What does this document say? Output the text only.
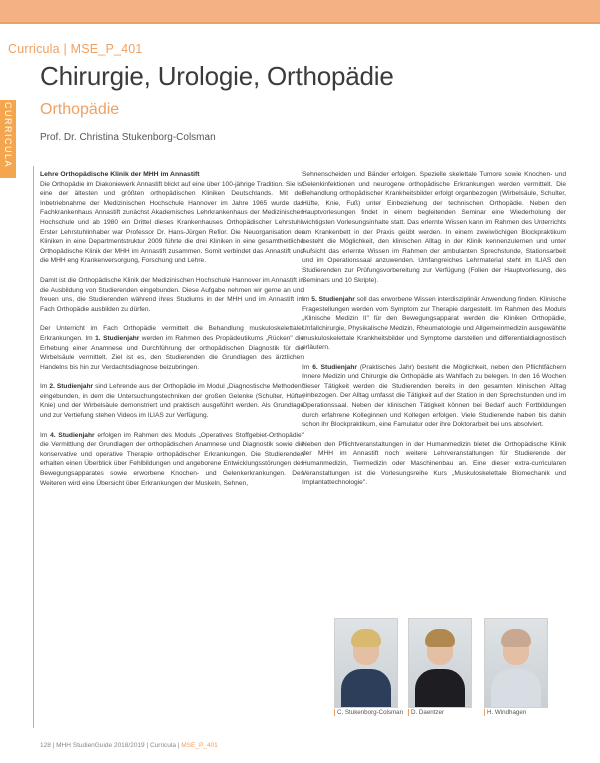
Curricula | MSE_P_401
CURRICULA
Chirurgie, Urologie, Orthopädie
Orthopädie
Prof. Dr. Christina Stukenborg-Colsman
Lehre Orthopädische Klinik der MHH im Annastift

Die Orthopädie im Diakoniewerk Annastift blickt auf eine über 100-jährige Tradition. Sie ist eine der ältesten und größten orthopädischen Kliniken Deutschlands. Mit der Inbetriebnahme der Medizinischen Hochschule Hannover im Jahre 1965 wurde das Fachkrankenhaus Annastift zunächst Akademisches Lehrkrankenhaus der Medizinischen Hochschule und ab 1980 ein Drittel dieses Krankenhauses Orthopädischer Lehrstuhl. Erster Lehrstuhlinhaber war Professor Dr. Hans-Jürgen Refior. Die Neuorganisation der Kliniken in eine Departmentstruktur 2009 führte die drei Kliniken in eine gesamtheitliche Orthopädische Klinik der MHH im Annastift zusammen. Somit verbindet das Annastift und die MHH eng Krankenversorgung, Forschung und Lehre.

Damit ist die Orthopädische Klinik der Medizinischen Hochschule Hannover im Annastift in die Ausbildung von Studierenden eingebunden. Diese Aufgabe nehmen wir gerne an und freuen uns, die Studierenden während ihres Studiums in der MHH und im Annastift im Fach Orthopädie ausbilden zu dürfen.

Der Unterricht im Fach Orthopädie vermittelt die Behandlung muskuloskelettaler Erkrankungen. Im 1. Studienjahr werden im Rahmen des Propädeutikums „Rücken" die Erhebung einer Anamnese und Durchführung der orthopädischen Diagnostik für die Wirbelsäule vermittelt. Ziel ist es, den Studierenden die Grundlagen des ärztlichen Handelns bis hin zur Verdachtsdiagnose beizubringen.

Im 2. Studienjahr sind Lehrende aus der Orthopädie im Modul „Diagnostische Methoden" eingebunden, in dem die Untersuchungstechniken der großen Gelenke (Schulter, Hüfte, Knie) und der Wirbelsäule demonstriert und praktisch ausgeführt werden. Als Grundlage und zur Vertiefung stehen Videos im ILIAS zur Verfügung.

Im 4. Studienjahr erfolgen im Rahmen des Moduls „Operatives Stoffgebiet-Orthopädie" die Vermittlung der Grundlagen der orthopädischen Anamnese und Diagnostik sowie die konservative und operative Therapie orthopädischer Erkrankungen. Die Studierenden erhalten einen Überblick über Fehlbildungen und angeborene Entwicklungsstörungen des Bewegungsapparates sowie erworbene Knochen- und Gelenkerkrankungen. Des Weiteren wird eine Übersicht über Erkrankungen der Muskeln, Sehnen,

Sehnenscheiden und Bänder erfolgen. Spezielle skelettale Tumore sowie Knochen- und Gelenkinfektionen und neurogene orthopädische Erkrankungen werden vermittelt. Die Behandlung orthopädischer Krankheitsbilder erfolgt organbezogen (Wirbelsäule, Schulter, Hüfte, Knie, Fuß) unter Einbeziehung der technischen Orthopädie. Neben den Hauptvorlesungen findet in einem begleitenden Seminar eine Wiederholung der wichtigsten Vorlesungsinhalte statt. Das erlernte Wissen kann im Rahmen des Unterrichts am Krankenbett in der Praxis geübt werden. In einem zweiwöchigen Blockpraktikum besteht die Möglichkeit, den klinischen Alltag in der Klinik kennenzulernen und unter Aufsicht das erlernte Wissen im Rahmen der ambulanten Sprechstunde, Stationsarbeit und im Operationssaal anzuwenden. Umfangreiches Lehrmaterial steht im ILIAS den Studierenden zur Prüfungsvorbereitung zur Verfügung (Folien der Hauptvorlesung, des Seminars und 10 Skripte).

Im 5. Studienjahr soll das erworbene Wissen interdisziplinär Anwendung finden. Klinische Fragestellungen werden vom Symptom zur Therapie dargestellt. Im Rahmen des Moduls „Klinische Medizin II" für den Bewegungsapparat werden die Kliniken Orthopädie, Unfallchirurgie, Physikalische Medizin, Rheumatologie und Allgemeinmedizin ausgewählte muskuloskelettale Krankheitsbilder und Symptome darstellen und differentialdiagnostisch erläutern.

Im 6. Studienjahr (Praktisches Jahr) besteht die Möglichkeit, neben den Pflichtfächern Innere Medizin und Chirurgie die Orthopädie als Wahlfach zu belegen. In den 16 Wochen dieser Tätigkeit werden die Studierenden bereits in den gesamten klinischen Alltag einbezogen. Der Alltag umfasst die Tätigkeit auf der Station in den Sprechstunden und im Operationssaal. Neben der klinischen Tätigkeit können bei Bedarf auch Fortbildungen durch erfahrene Kolleginnen und Kollegen erfolgen. Viele Studierende haben bis dahin schon ihr Blockpraktikum, eine Famulatur oder ihre Doktorarbeit bei uns absolviert.

Neben den Pflichtveranstaltungen in der Humanmedizin bietet die Orthopädische Klinik der MHH im Annastift noch weitere Lehrveranstaltungen für Studierende der Humanmedizin, Tiermedizin oder Maschinenbau an. Eine dieser extra-curricularen Veranstaltungen ist die Vorlesungsreihe Kurs „Muskuloskelettale Biomechanik und Implantattechnologie".

C. Stukenborg-Colsman	D. Daentzer	H. Windhagen
128 | MHH StudienGuide 2018/2019 | Curricula | MSE_P_401
